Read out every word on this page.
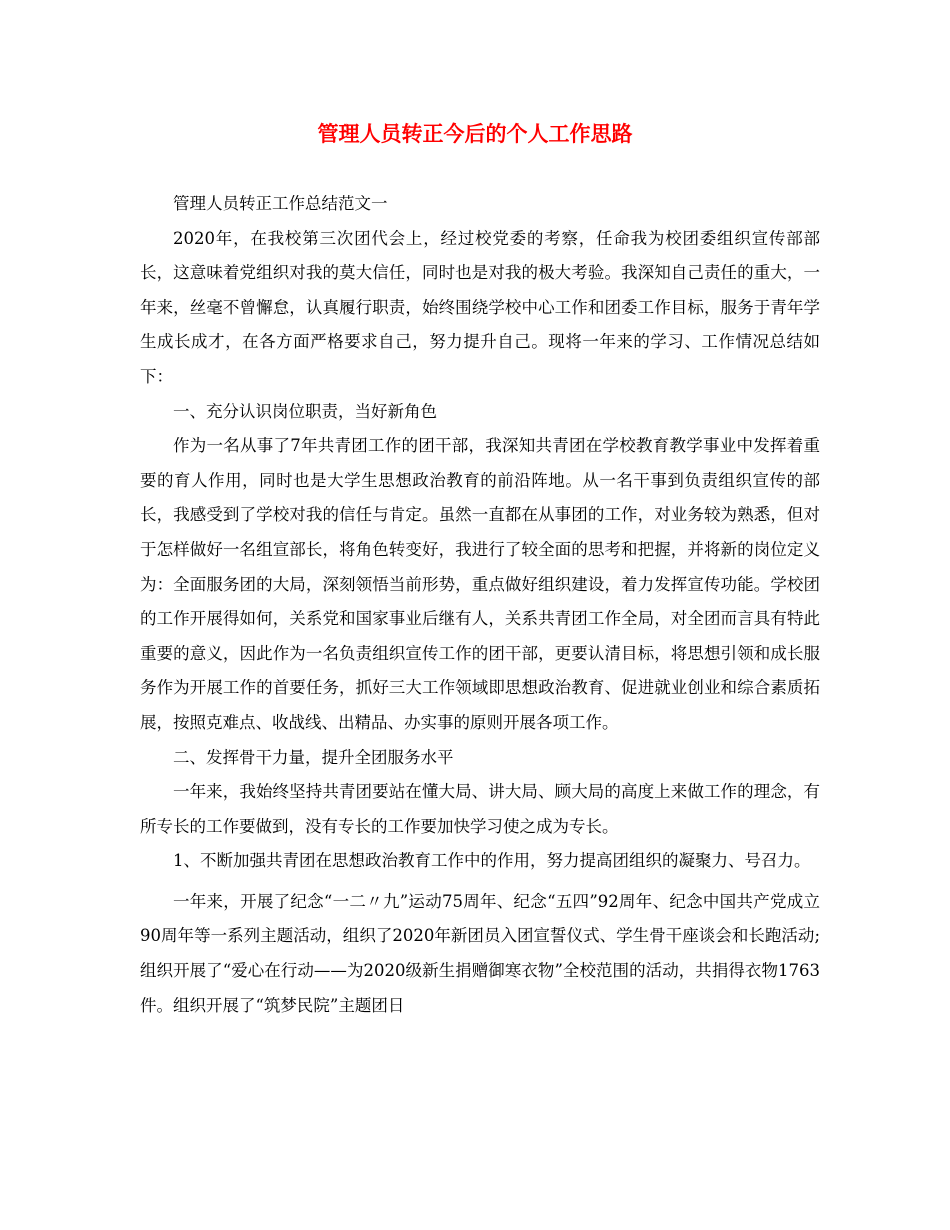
管理人员转正今后的个人工作思路

管理人员转正工作总结范文一

2020年，在我校第三次团代会上，经过校党委的考察，任命我为校团委组织宣传部部长，这意味着党组织对我的莫大信任，同时也是对我的极大考验。我深知自己责任的重大，一年来，丝毫不曾懈怠，认真履行职责，始终围绕学校中心工作和团委工作目标，服务于青年学生成长成才，在各方面严格要求自己，努力提升自己。现将一年来的学习、工作情况总结如下：

一、充分认识岗位职责，当好新角色

作为一名从事了7年共青团工作的团干部，我深知共青团在学校教育教学事业中发挥着重要的育人作用，同时也是大学生思想政治教育的前沿阵地。从一名干事到负责组织宣传的部长，我感受到了学校对我的信任与肯定。虽然一直都在从事团的工作，对业务较为熟悉，但对于怎样做好一名组宣部长，将角色转变好，我进行了较全面的思考和把握，并将新的岗位定义为：全面服务团的大局，深刻领悟当前形势，重点做好组织建设，着力发挥宣传功能。学校团的工作开展得如何，关系党和国家事业后继有人，关系共青团工作全局，对全团而言具有特此重要的意义，因此作为一名负责组织宣传工作的团干部，更要认清目标，将思想引领和成长服务作为开展工作的首要任务，抓好三大工作领域即思想政治教育、促进就业创业和综合素质拓展，按照克难点、收战线、出精品、办实事的原则开展各项工作。

二、发挥骨干力量，提升全团服务水平

一年来，我始终坚持共青团要站在懂大局、讲大局、顾大局的高度上来做工作的理念，有所专长的工作要做到，没有专长的工作要加快学习使之成为专长。

1、不断加强共青团在思想政治教育工作中的作用，努力提高团组织的凝聚力、号召力。

一年来，开展了纪念“一二〃九”运动75周年、纪念“五四”92周年、纪念中国共产党成立90周年等一系列主题活动，组织了2020年新团员入团宣誓仪式、学生骨干座谈会和长跑活动;组织开展了“爱心在行动——为2020级新生捐赠御寒衣物”全校范围的活动，共捐得衣物1763件。组织开展了“筑梦民院”主题团日
